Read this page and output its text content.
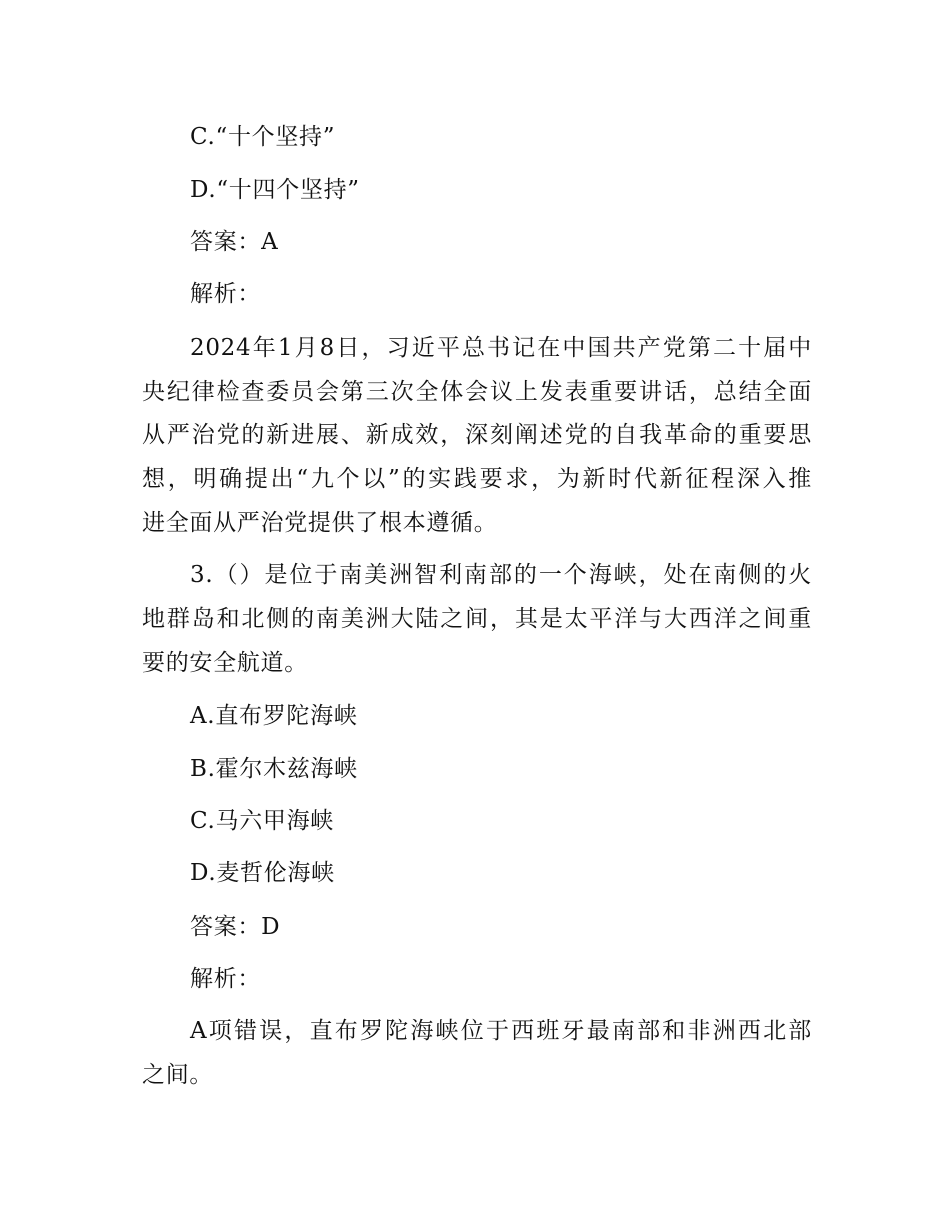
C.“十个坚持”
D.“十四个坚持”
答案：A
解析：
2024年1月8日，习近平总书记在中国共产党第二十届中
央纪律检查委员会第三次全体会议上发表重要讲话，总结全面
从严治党的新进展、新成效，深刻阐述党的自我革命的重要思
想，明确提出“九个以”的实践要求，为新时代新征程深入推
进全面从严治党提供了根本遵循。
3.（）是位于南美洲智利南部的一个海峡，处在南侧的火
地群岛和北侧的南美洲大陆之间，其是太平洋与大西洋之间重
要的安全航道。
A.直布罗陀海峡
B.霍尔木兹海峡
C.马六甲海峡
D.麦哲伦海峡
答案：D
解析：
A项错误，直布罗陀海峡位于西班牙最南部和非洲西北部
之间。
